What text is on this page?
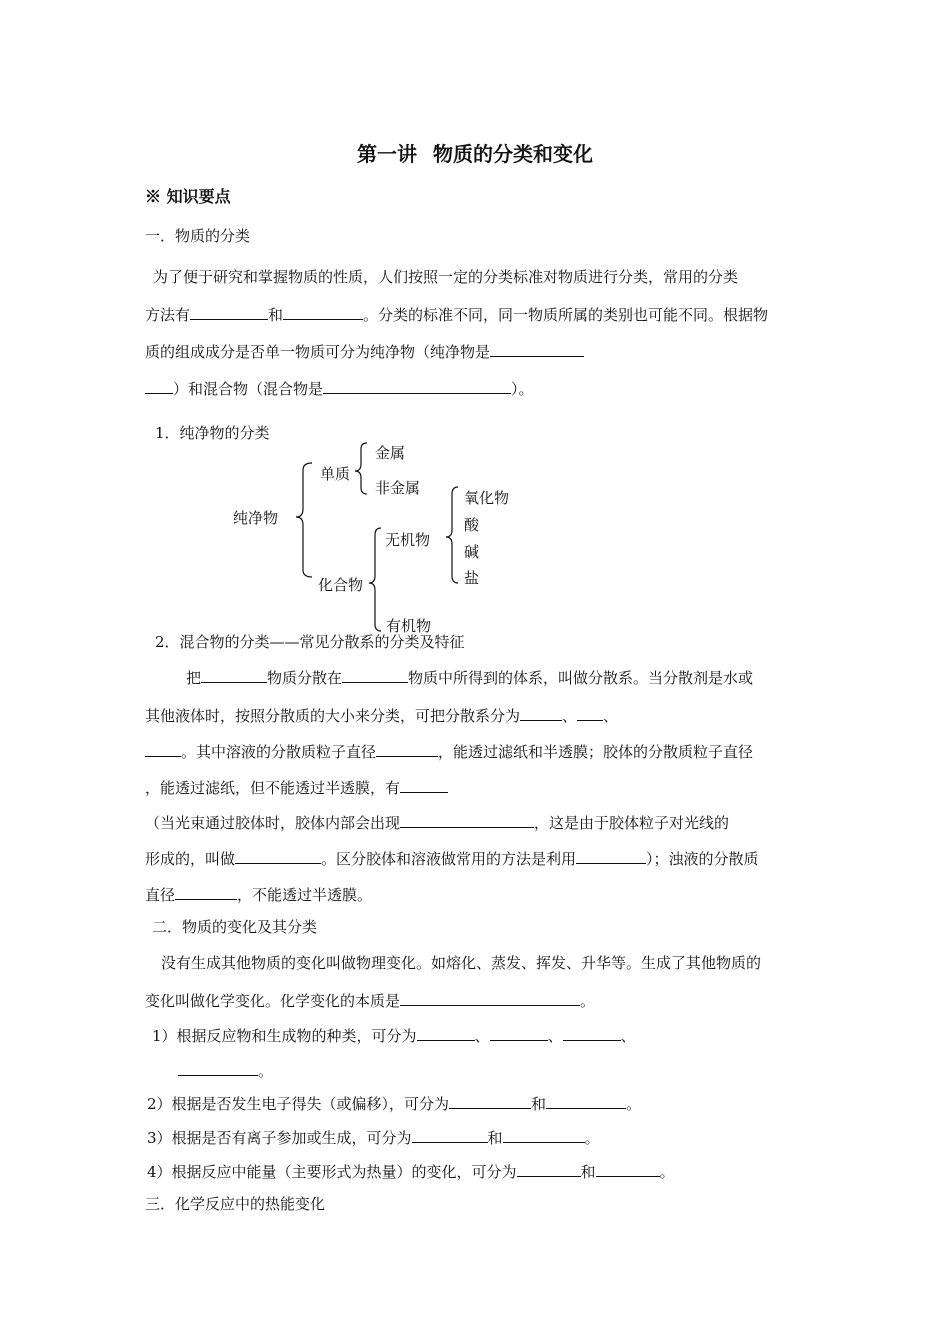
第一讲 物质的分类和变化
※ 知识要点
一．物质的分类
为了便于研究和掌握物质的性质，人们按照一定的分类标准对物质进行分类，常用的分类
方法有	和	。分类的标准不同，同一物质所属的类别也可能不同。根据物
质的组成成分是否单一物质可分为纯净物（纯净物是
）和混合物（混合物是	）。
1．纯净物的分类
纯净物
单质
金属
非金属
化合物
无机物
有机物
氧化物
酸
碱
盐
2．混合物的分类——常见分散系的分类及特征
把	物质分散在	物质中所得到的体系，叫做分散系。当分散剂是水或
其他液体时，按照分散质的大小来分类，可把分散系分为	、 、
。其中溶液的分散质粒子直径	，能透过滤纸和半透膜；胶体的分散质粒子直径
，能透过滤纸，但不能透过半透膜，有
（当光束通过胶体时，胶体内部会出现	，这是由于胶体粒子对光线的
形成的，叫做	。区分胶体和溶液做常用的方法是利用	）；浊液的分散质
直径	，不能透过半透膜。
二．物质的变化及其分类
没有生成其他物质的变化叫做物理变化。如熔化、蒸发、挥发、升华等。生成了其他物质的
变化叫做化学变化。化学变化的本质是	。
1）根据反应物和生成物的种类，可分为	、	、	、
。
2）根据是否发生电子得失（或偏移），可分为	和	。
3）根据是否有离子参加或生成，可分为	和	。
4）根据反应中能量（主要形式为热量）的变化，可分为	和	。
三．化学反应中的热能变化
